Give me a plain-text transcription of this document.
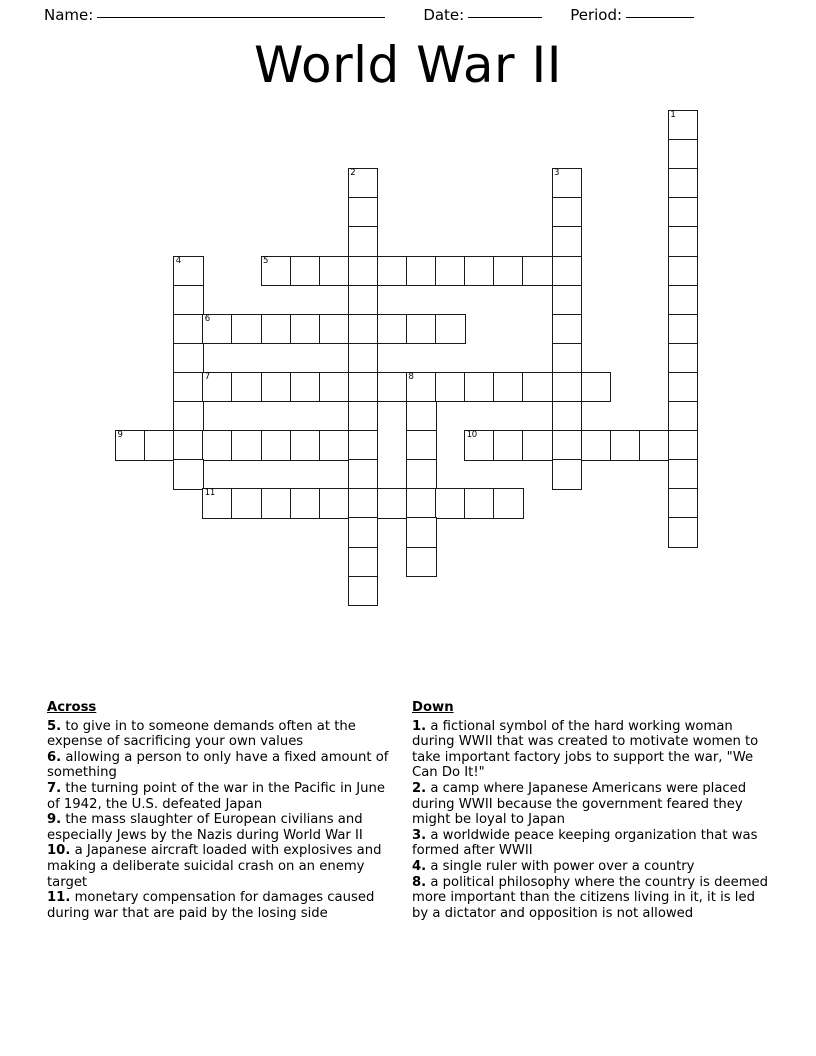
Name:	Date:	Period:
World War II
1
2	3
4	5
6
7	8
9	10
11
Across

5. to give in to someone demands often at the expense of sacrificing your own values

6. allowing a person to only have a fixed amount of something

7. the turning point of the war in the Pacific in June of 1942, the U.S. defeated Japan

9. the mass slaughter of European civilians and especially Jews by the Nazis during World War II

10. a Japanese aircraft loaded with explosives and making a deliberate suicidal crash on an enemy target

11. monetary compensation for damages caused during war that are paid by the losing side

Down

1. a fictional symbol of the hard working woman during WWII that was created to motivate women to take important factory jobs to support the war, "We Can Do It!"

2. a camp where Japanese Americans were placed during WWII because the government feared they might be loyal to Japan

3. a worldwide peace keeping organization that was formed after WWII

4. a single ruler with power over a country

8. a political philosophy where the country is deemed more important than the citizens living in it, it is led by a dictator and opposition is not allowed
